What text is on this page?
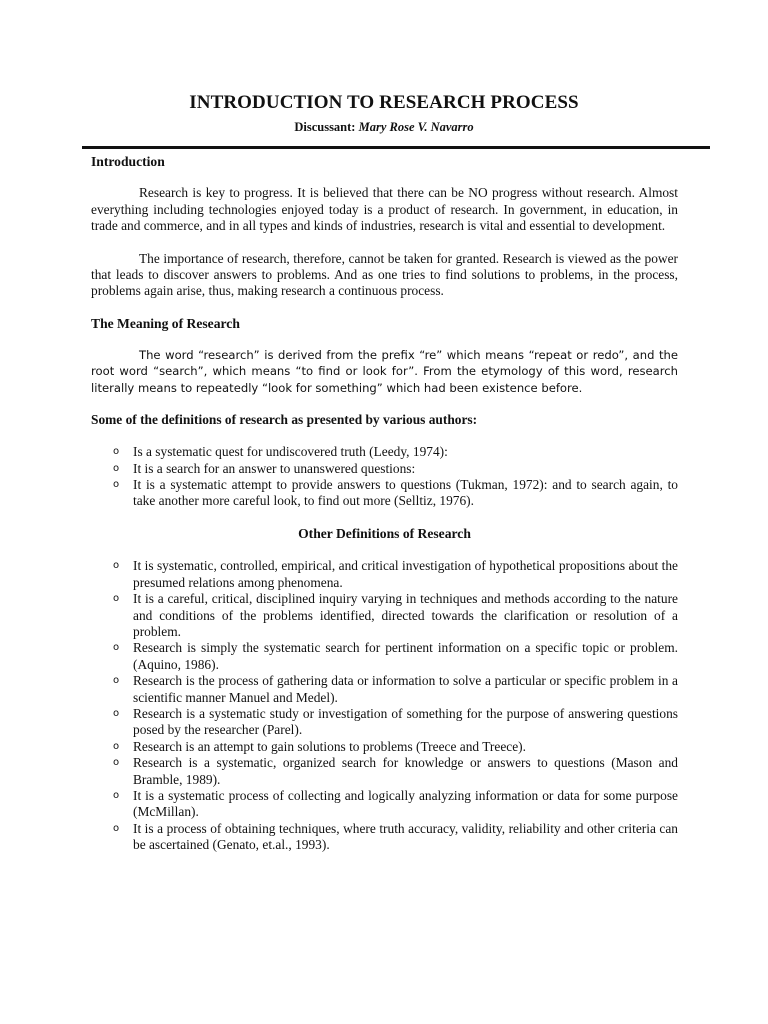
INTRODUCTION TO RESEARCH PROCESS
Discussant: Mary Rose V. Navarro
Introduction

Research is key to progress. It is believed that there can be NO progress without research. Almost everything including technologies enjoyed today is a product of research. In government, in education, in trade and commerce, and in all types and kinds of industries, research is vital and essential to development.

The importance of research, therefore, cannot be taken for granted. Research is viewed as the power that leads to discover answers to problems. And as one tries to find solutions to problems, in the process, problems again arise, thus, making research a continuous process.

The Meaning of Research

The word “research” is derived from the prefix “re” which means “repeat or redo”, and the root word “search”, which means “to find or look for”. From the etymology of this word, research literally means to repeatedly “look for something” which had been existence before.

Some of the definitions of research as presented by various authors:
o Is a systematic quest for undiscovered truth (Leedy, 1974):
o It is a search for an answer to unanswered questions:
o It is a systematic attempt to provide answers to questions (Tukman, 1972): and to search again, to take another more careful look, to find out more (Selltiz, 1976).
Other Definitions of Research
o It is systematic, controlled, empirical, and critical investigation of hypothetical propositions about the presumed relations among phenomena.
o It is a careful, critical, disciplined inquiry varying in techniques and methods according to the nature and conditions of the problems identified, directed towards the clarification or resolution of a problem.
o Research is simply the systematic search for pertinent information on a specific topic or problem. (Aquino, 1986).
o Research is the process of gathering data or information to solve a particular or specific problem in a scientific manner Manuel and Medel).
o Research is a systematic study or investigation of something for the purpose of answering questions posed by the researcher (Parel).
o Research is an attempt to gain solutions to problems (Treece and Treece).
o Research is a systematic, organized search for knowledge or answers to questions (Mason and Bramble, 1989).
o It is a systematic process of collecting and logically analyzing information or data for some purpose (McMillan).
o It is a process of obtaining techniques, where truth accuracy, validity, reliability and other criteria can be ascertained (Genato, et.al., 1993).
